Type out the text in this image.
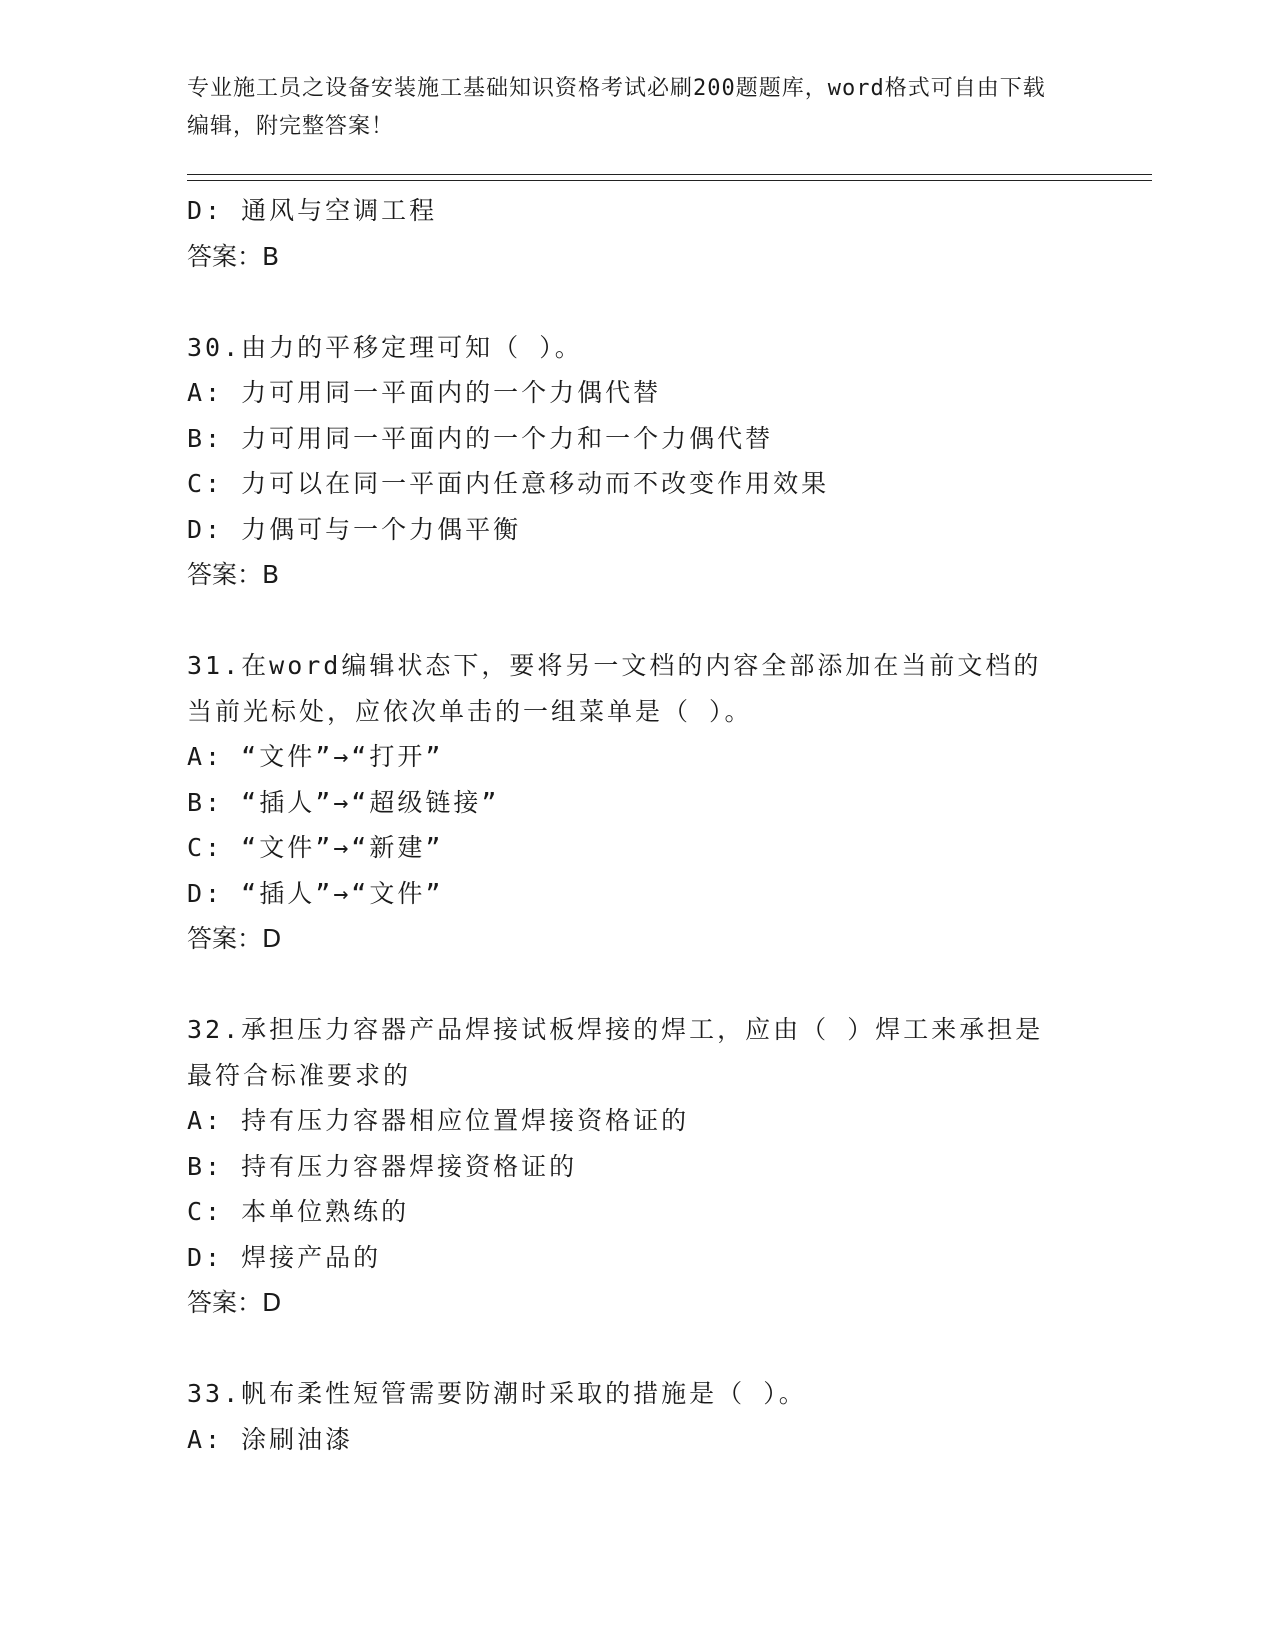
专业施工员之设备安装施工基础知识资格考试必刷200题题库，word格式可自由下载编辑，附完整答案！
D: 通风与空调工程
答案：B
30.由力的平移定理可知（ ）。
A: 力可用同一平面内的一个力偶代替
B: 力可用同一平面内的一个力和一个力偶代替
C: 力可以在同一平面内任意移动而不改变作用效果
D: 力偶可与一个力偶平衡
答案：B
31.在word编辑状态下，要将另一文档的内容全部添加在当前文档的
当前光标处，应依次单击的一组菜单是（ ）。
A: “文件”→“打开”
B: “插人”→“超级链接”
C: “文件”→“新建”
D: “插人”→“文件”
答案：D
32.承担压力容器产品焊接试板焊接的焊工，应由（ ）焊工来承担是
最符合标准要求的
A: 持有压力容器相应位置焊接资格证的
B: 持有压力容器焊接资格证的
C: 本单位熟练的
D: 焊接产品的
答案：D
33.帆布柔性短管需要防潮时采取的措施是（ ）。
A: 涂刷油漆
